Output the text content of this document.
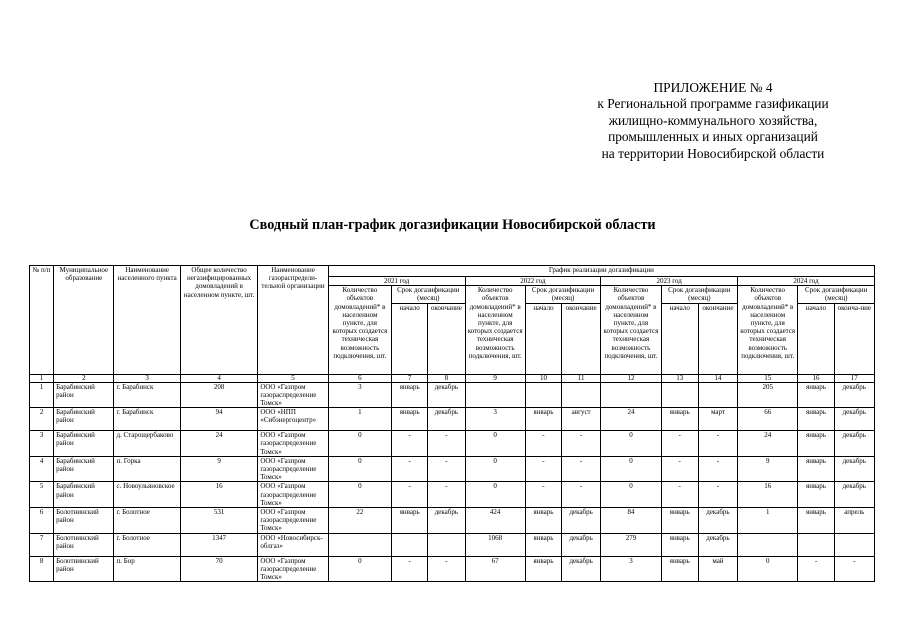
ПРИЛОЖЕНИЕ № 4
к Региональной программе газификации
жилищно-коммунального хозяйства,
промышленных и иных организаций
на территории Новосибирской области
Сводный план-график догазификации Новосибирской области
№ п/п	Муниципальное образование	Наименование населенного пункта	Общее количество негазифицированных домовладений в населенном пункте, шт.	Наименование газораспредели-тельной организации	График реализации догазификации											
					2021 год			2022 год			2023 год			2024 год		
					Количество объектов домовладений* в населенном пункте, для которых создается техническая возможность подключения, шт.	Срок догазификации (месяц)		Количество объектов домовладений* в населенном пункте, для которых создается техническая возможность подключения, шт.	Срок догазификации (месяц)		Количество объектов домовладений* в населенном пункте, для которых создается техническая возможность подключения, шт.	Срок догазификации (месяц)		Количество объектов домовладений* в населенном пункте, для которых создается техническая возможность подключения, шт.	Срок догазификации (месяц)	
						начало	окончание		начало	окончание		начало	окончание		начало	оконча-ние
1	2	3	4	5	6	7	8	9	10	11	12	13	14	15	16	17
1	Барабинский район	г. Барабинск	208	ООО «Газпром газораспределение Томск»	3	январь	декабрь							205	январь	декабрь
2	Барабинский район	г. Барабинск	94	ООО «НПП «Сибэнергоцентр»	1	январь	декабрь	3	январь	август	24	январь	март	66	январь	декабрь
3	Барабинский район	д. Старощербаково	24	ООО «Газпром газораспределение Томск»	0	-	-	0	-	-	0	-	-	24	январь	декабрь
4	Барабинский район	п. Горка	9	ООО «Газпром газораспределение Томск»	0	-	-	0	-	-	0	-	-	9	январь	декабрь
5	Барабинский район	с. Новоульяновское	16	ООО «Газпром газораспределение Томск»	0	-	-	0	-	-	0	-	-	16	январь	декабрь
6	Болотнинский район	г. Болотное	531	ООО «Газпром газораспределение Томск»	22	январь	декабрь	424	январь	декабрь	84	январь	декабрь	1	январь	апрель
7	Болотнинский район	г. Болотное	1347	ООО «Новосибирск-облгаз»				1068	январь	декабрь	279	январь	декабрь			
8	Болотнинский район	п. Бор	70	ООО «Газпром газораспределение Томск»	0	-	-	67	январь	декабрь	3	январь	май	0	-	-
